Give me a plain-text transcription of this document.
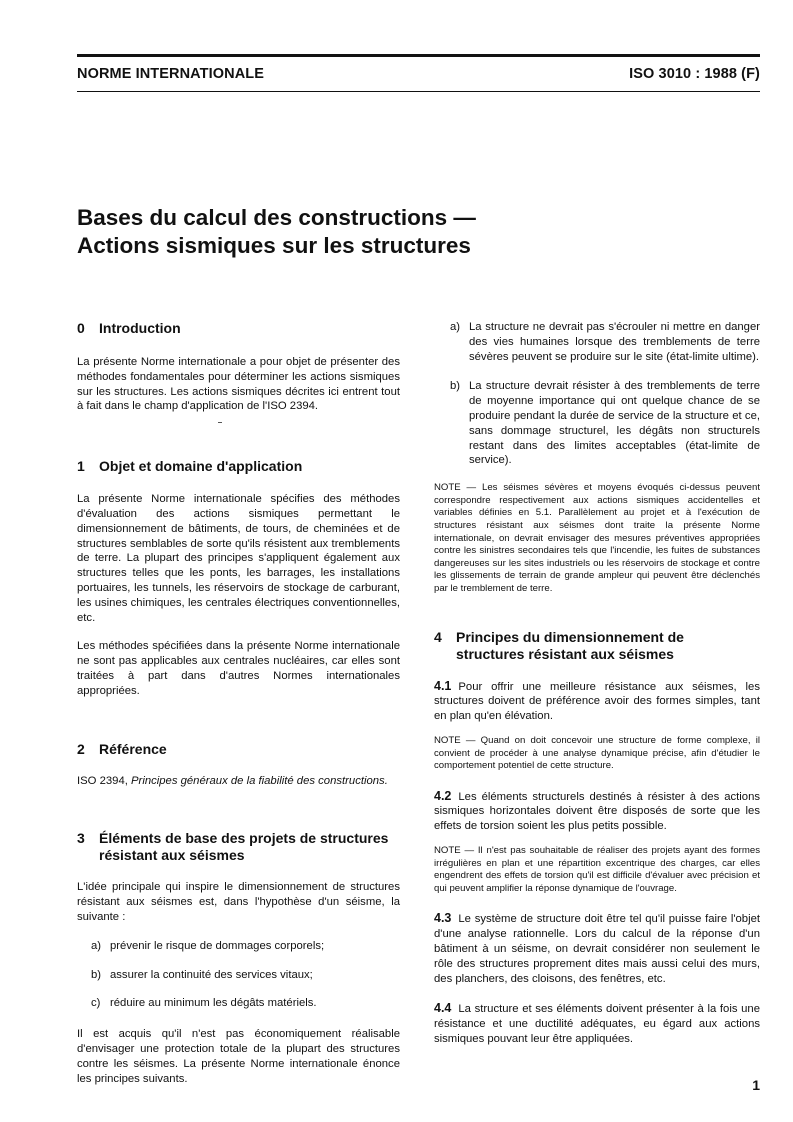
NORME INTERNATIONALE	ISO 3010 : 1988 (F)
Bases du calcul des constructions —
Actions sismiques sur les structures
0	Introduction

La présente Norme internationale a pour objet de présenter des méthodes fondamentales pour déterminer les actions sismiques sur les structures. Les actions sismiques décrites ici entrent tout à fait dans le champ d'application de l'ISO 2394.

1	Objet et domaine d'application

La présente Norme internationale spécifies des méthodes d'évaluation des actions sismiques permettant le dimensionnement de bâtiments, de tours, de cheminées et de structures semblables de sorte qu'ils résistent aux tremblements de terre. La plupart des principes s'appliquent également aux structures telles que les ponts, les barrages, les installations portuaires, les tunnels, les réservoirs de stockage de carburant, les usines chimiques, les centrales électriques conventionnelles, etc.

Les méthodes spécifiées dans la présente Norme internationale ne sont pas applicables aux centrales nucléaires, car elles sont traitées à part dans d'autres Normes internationales appropriées.

2	Référence

ISO 2394, Principes généraux de la fiabilité des constructions.

3	Éléments de base des projets de structures
résistant aux séismes

L'idée principale qui inspire le dimensionnement de structures résistant aux séismes est, dans l'hypothèse d'un séisme, la suivante :

a) prévenir le risque de dommages corporels;
b) assurer la continuité des services vitaux;
c) réduire au minimum les dégâts matériels.

Il est acquis qu'il n'est pas économiquement réalisable d'envisager une protection totale de la plupart des structures contre les séismes. La présente Norme internationale énonce les principes suivants.

a) La structure ne devrait pas s'écrouler ni mettre en danger des vies humaines lorsque des tremblements de terre sévères peuvent se produire sur le site (état-limite ultime).

b) La structure devrait résister à des tremblements de terre de moyenne importance qui ont quelque chance de se produire pendant la durée de service de la structure et ce, sans dommage structurel, les dégâts non structurels restant dans des limites acceptables (état-limite de service).

NOTE — Les séismes sévères et moyens évoqués ci-dessus peuvent correspondre respectivement aux actions sismiques accidentelles et variables définies en 5.1. Parallèlement au projet et à l'exécution de structures résistant aux séismes dont traite la présente Norme internationale, on devrait envisager des mesures préventives appropriées contre les sinistres secondaires tels que l'incendie, les fuites de substances dangereuses sur les sites industriels ou les réservoirs de stockage et contre les glissements de terrain de grande ampleur qui peuvent être déclenchés par le tremblement de terre.

4	Principes du dimensionnement de
structures résistant aux séismes

4.1 Pour offrir une meilleure résistance aux séismes, les structures doivent de préférence avoir des formes simples, tant en plan qu'en élévation.

NOTE — Quand on doit concevoir une structure de forme complexe, il convient de procéder à une analyse dynamique précise, afin d'étudier le comportement potentiel de cette structure.

4.2 Les éléments structurels destinés à résister à des actions sismiques horizontales doivent être disposés de sorte que les effets de torsion soient les plus petits possible.

NOTE — Il n'est pas souhaitable de réaliser des projets ayant des formes irrégulières en plan et une répartition excentrique des charges, car elles engendrent des effets de torsion qu'il est difficile d'évaluer avec précision et qui peuvent amplifier la réponse dynamique de l'ouvrage.

4.3 Le système de structure doit être tel qu'il puisse faire l'objet d'une analyse rationnelle. Lors du calcul de la réponse d'un bâtiment à un séisme, on devrait considérer non seulement le rôle des structures proprement dites mais aussi celui des murs, des planchers, des cloisons, des fenêtres, etc.

4.4 La structure et ses éléments doivent présenter à la fois une résistance et une ductilité adéquates, eu égard aux actions sismiques pouvant leur être appliquées.

1
